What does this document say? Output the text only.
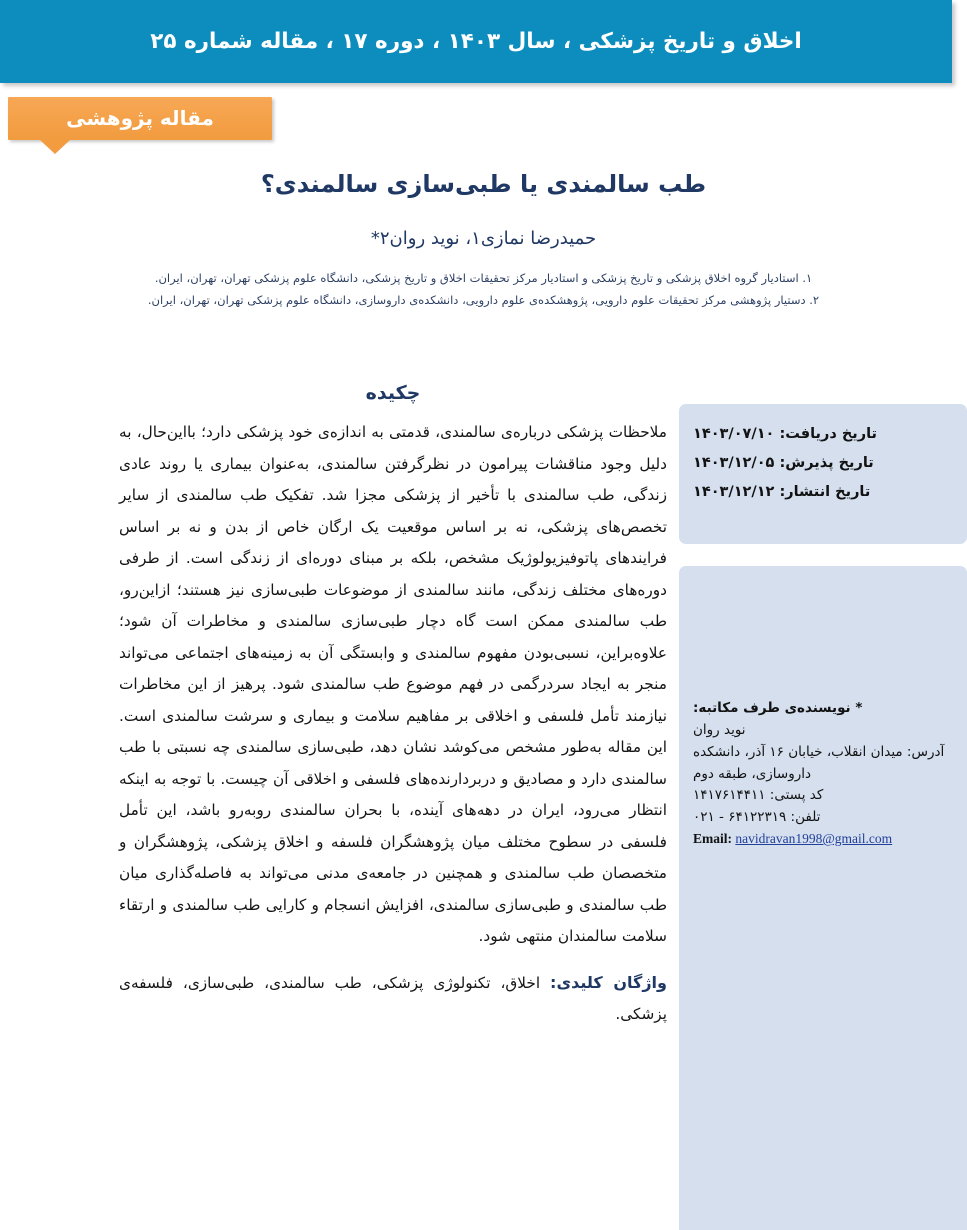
اخلاق و تاریخ پزشکی ، سال ۱۴۰۳ ، دوره ۱۷ ، مقاله شماره ۲۵
مقاله پژوهشی
طب سالمندی یا طبی‌سازی سالمندی؟
حمیدرضا نمازی۱، نوید روان۲*

۱. استادیار گروه اخلاق پزشکی و تاریخ پزشکی و استادیار مرکز تحقیقات اخلاق و تاریخ پزشکی، دانشگاه علوم پزشکی تهران، تهران، ایران.

۲. دستیار پژوهشی مرکز تحقیقات علوم دارویی، پژوهشکده‌ی علوم دارویی، دانشکده‌ی داروسازی، دانشگاه علوم پزشکی تهران، تهران، ایران.

تاریخ دریافت: ۱۴۰۳/۰۷/۱۰
تاریخ پذیرش: ۱۴۰۳/۱۲/۰۵
تاریخ انتشار: ۱۴۰۳/۱۲/۱۲
* نویسنده‌ی طرف مکاتبه:
نوید روان
آدرس: میدان انقلاب، خیابان ۱۶ آذر، دانشکده
داروسازی، طبقه دوم
کد پستی: ۱۴۱۷۶۱۴۴۱۱
تلفن: ۶۴۱۲۲۳۱۹ - ۰۲۱
Email: navidravan1998@gmail.com
چکیده

ملاحظات پزشکی درباره‌ی سالمندی، قدمتی به اندازه‌ی خود پزشکی دارد؛ بااین‌حال، به دلیل وجود مناقشات پیرامون در نظرگرفتن سالمندی، به‌عنوان بیماری یا روند عادی زندگی، طب سالمندی با تأخیر از پزشکی مجزا شد. تفکیک طب سالمندی از سایر تخصص‌های پزشکی، نه بر اساس موقعیت یک ارگان خاص از بدن و نه بر اساس فرایندهای پاتوفیزیولوژیک مشخص، بلکه بر مبنای دوره‌ای از زندگی است. از طرفی دوره‌های مختلف زندگی، مانند سالمندی از موضوعات طبی‌سازی نیز هستند؛ ازاین‌رو، طب سالمندی ممکن است گاه دچار طبی‌سازی سالمندی و مخاطرات آن شود؛ علاوه‌براین، نسبی‌بودن مفهوم سالمندی و وابستگی آن به زمینه‌های اجتماعی می‌تواند منجر به ایجاد سردرگمی در فهم موضوع طب سالمندی شود. پرهیز از این مخاطرات نیازمند تأمل فلسفی و اخلاقی بر مفاهیم سلامت و بیماری و سرشت سالمندی است. این مقاله به‌طور مشخص می‌کوشد نشان دهد، طبی‌سازی سالمندی چه نسبتی با طب سالمندی دارد و مصادیق و دربردارنده‌های فلسفی و اخلاقی آن چیست. با توجه به اینکه انتظار می‌رود، ایران در دهه‌های آینده، با بحران سالمندی روبه‌رو باشد، این تأمل فلسفی در سطوح مختلف میان پژوهشگران فلسفه و اخلاق پزشکی، پژوهشگران و متخصصان طب سالمندی و همچنین در جامعه‌ی مدنی می‌تواند به فاصله‌گذاری میان طب سالمندی و طبی‌سازی سالمندی، افزایش انسجام و کارایی طب سالمندی و ارتقاء سلامت سالمندان منتهی شود.

واژگان کلیدی: اخلاق، تکنولوژی پزشکی، طب سالمندی، طبی‌سازی، فلسفه‌ی پزشکی.
